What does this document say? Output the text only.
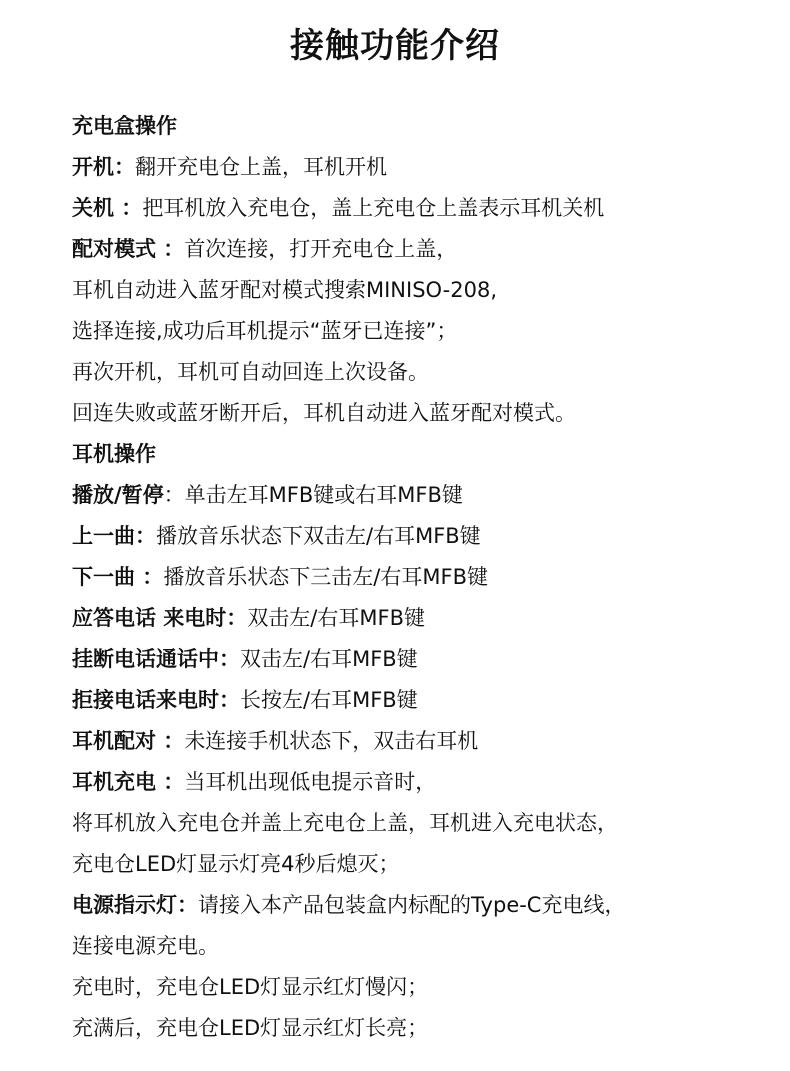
接触功能介绍
充电盒操作
开机：翻开充电仓上盖，耳机开机
关机 ：把耳机放入充电仓，盖上充电仓上盖表示耳机关机
配对模式 ：首次连接，打开充电仓上盖，
耳机自动进入蓝牙配对模式搜索MINISO-208,
选择连接,成功后耳机提示“蓝牙已连接”；
再次开机，耳机可自动回连上次设备。
回连失败或蓝牙断开后，耳机自动进入蓝牙配对模式。
耳机操作
播放/暂停：单击左耳MFB键或右耳MFB键
上一曲：播放音乐状态下双击左/右耳MFB键
下一曲 ：播放音乐状态下三击左/右耳MFB键
应答电话 来电时：双击左/右耳MFB键
挂断电话通话中：双击左/右耳MFB键
拒接电话来电时：长按左/右耳MFB键
耳机配对 ：未连接手机状态下，双击右耳机
耳机充电 ：当耳机出现低电提示音时，
将耳机放入充电仓并盖上充电仓上盖，耳机进入充电状态，
充电仓LED灯显示灯亮4秒后熄灭；
电源指示灯：请接入本产品包装盒内标配的Type-C充电线，
连接电源充电。
充电时，充电仓LED灯显示红灯慢闪；
充满后，充电仓LED灯显示红灯长亮；
